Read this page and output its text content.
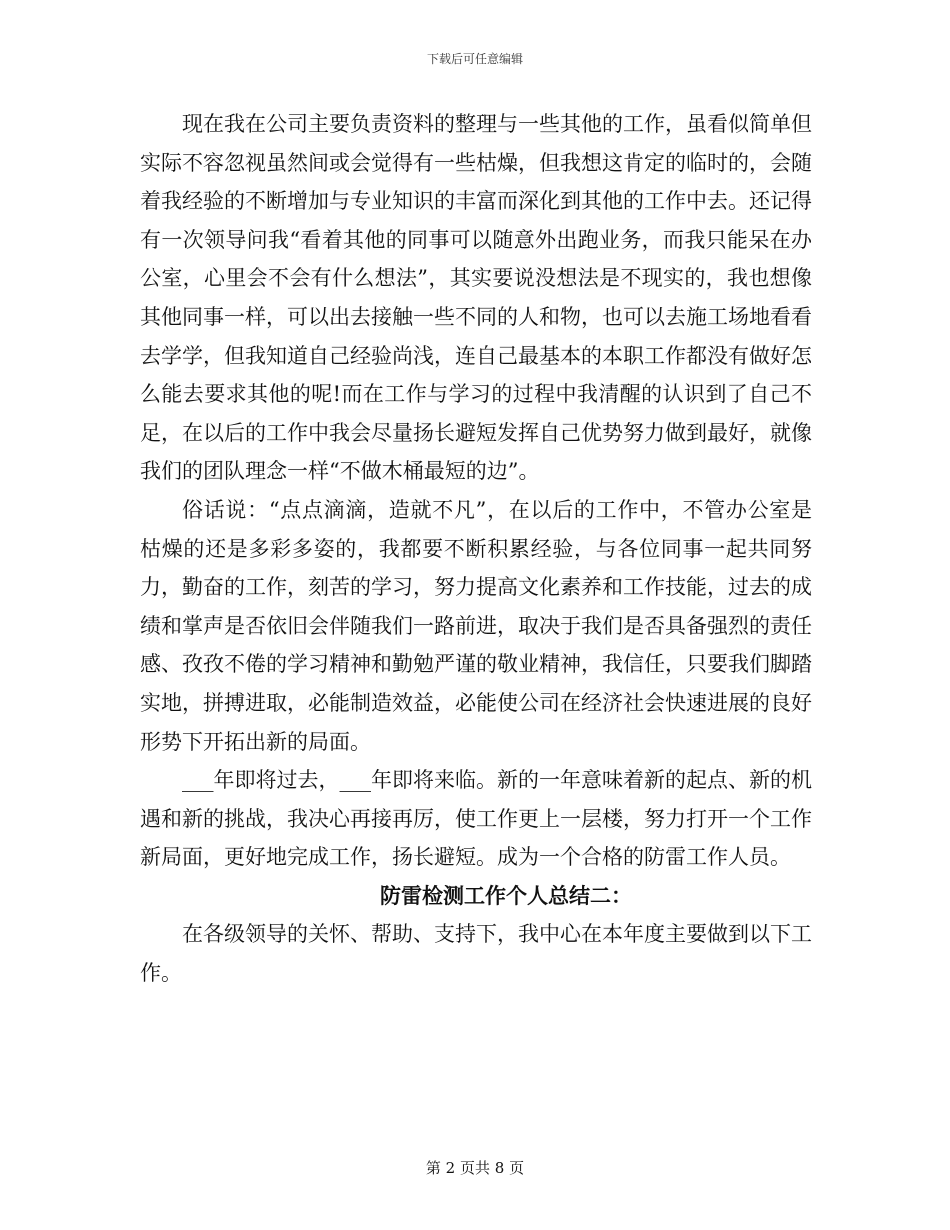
下载后可任意编辑

现在我在公司主要负责资料的整理与一些其他的工作，虽看似简单但实际不容忽视虽然间或会觉得有一些枯燥，但我想这肯定的临时的，会随着我经验的不断增加与专业知识的丰富而深化到其他的工作中去。还记得有一次领导问我“看着其他的同事可以随意外出跑业务，而我只能呆在办公室，心里会不会有什么想法”，其实要说没想法是不现实的，我也想像其他同事一样，可以出去接触一些不同的人和物，也可以去施工场地看看去学学，但我知道自己经验尚浅，连自己最基本的本职工作都没有做好怎么能去要求其他的呢!而在工作与学习的过程中我清醒的认识到了自己不足，在以后的工作中我会尽量扬长避短发挥自己优势努力做到最好，就像我们的团队理念一样“不做木桶最短的边”。

俗话说：“点点滴滴，造就不凡”，在以后的工作中，不管办公室是枯燥的还是多彩多姿的，我都要不断积累经验，与各位同事一起共同努力，勤奋的工作，刻苦的学习，努力提高文化素养和工作技能，过去的成绩和掌声是否依旧会伴随我们一路前进，取决于我们是否具备强烈的责任感、孜孜不倦的学习精神和勤勉严谨的敬业精神，我信任，只要我们脚踏实地，拼搏进取，必能制造效益，必能使公司在经济社会快速进展的良好形势下开拓出新的局面。

___年即将过去，___年即将来临。新的一年意味着新的起点、新的机遇和新的挑战，我决心再接再厉，使工作更上一层楼，努力打开一个工作新局面，更好地完成工作，扬长避短。成为一个合格的防雷工作人员。

防雷检测工作个人总结二：

在各级领导的关怀、帮助、支持下，我中心在本年度主要做到以下工作。

第 2 页共 8 页
